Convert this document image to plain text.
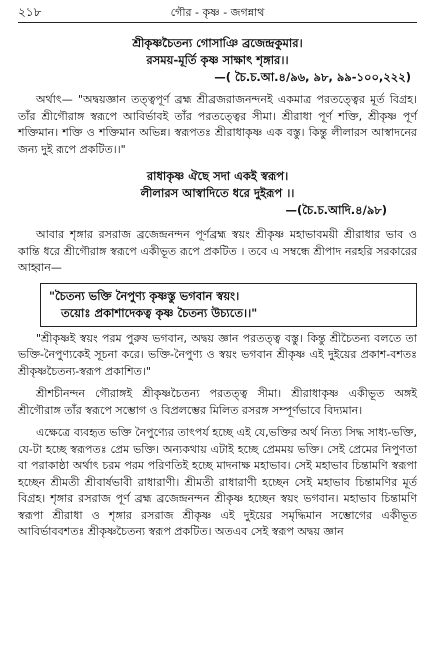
২১৮	গৌর - কৃষ্ণ - জগন্নাথ
শ্রীকৃষ্ণচৈতন্য গোসাঞি ব্রজেন্দ্রকুমার।
রসময়-মূর্তি কৃষ্ণ সাক্ষাৎ শৃঙ্গার।।
—( চৈ.চ.আ.৪/৯৬, ৯৮, ৯৯-১০০,২২২)

অর্থাৎ— "অদ্বয়জ্ঞান তত্ত্বপূর্ণ ব্রহ্ম শ্রীব্রজরাজনন্দনই একমাত্র পরতত্ত্বের মূর্ত বিগ্রহ। তাঁর শ্রীগৌরাঙ্গ স্বরূপে আবির্ভাবই তাঁর পরতত্ত্বের সীমা। শ্রীরাধা পূর্ণ শক্তি, শ্রীকৃষ্ণ পূর্ণ শক্তিমান। শক্তি ও শক্তিমান অভিন্ন। স্বরূপতঃ শ্রীরাধাকৃষ্ণ এক বস্তু। কিন্তু লীলারস আস্বাদনের জন্য দুই রূপে প্রকটিত।।"

রাধাকৃষ্ণ ঐছে সদা একই স্বরূপ।
লীলারস আস্বাদিতে ধরে দুইরূপ ।।
—(চৈ.চ.আদি.৪/৯৮)

আবার শৃঙ্গার রসরাজ ব্রজেন্দ্রনন্দন পূর্ণব্রহ্ম স্বয়ং শ্রীকৃষ্ণ মহাভাবময়ী শ্রীরাধার ভাব ও কান্তি ধরে শ্রীগৌরাঙ্গ স্বরূপে একীভূত রূপে প্রকটিত । তবে এ সম্বন্ধে শ্রীপাদ নরহরি সরকারের আহ্বান—

"চৈতন্য ভক্তি নৈপুণ্য কৃষ্ণস্তু ভগবান স্বয়ং।
তয়োঃ প্রকাশাদেকত্ব কৃষ্ণ চৈতন্য উচ্যতে।।"

"শ্রীকৃষ্ণই স্বয়ং পরম পুরুষ ভগবান, অদ্বয় জ্ঞান পরতত্ত্ব বস্তু। কিন্তু শ্রীচৈতন্য বলতে তা ভক্তি-নৈপুণ্যকেই সূচনা করে। ভক্তি-নৈপুণ্য ও স্বয়ং ভগবান শ্রীকৃষ্ণ এই দুইয়ের প্রকাশ-বশতঃ শ্রীকৃষ্ণচৈতন্য-স্বরূপ প্রকাশিত।"

শ্রীশচীনন্দন গৌরাঙ্গই শ্রীকৃষ্ণচৈতন্য পরতত্ত্ব সীমা। শ্রীরাধাকৃষ্ণ একীভূত অঙ্গই শ্রীগৌরাঙ্গ তাঁর স্বরূপে সম্ভোগ ও বিপ্রলম্ভের মিলিত রসরঙ্গ সম্পূর্ণভাবে বিদ্যমান।

এক্ষেত্রে ব্যবহৃত ভক্তি নৈপুণ্যের তাৎপর্য হচ্ছে এই যে,ভক্তির অর্থ নিত্য সিদ্ধ সাধ্য-ভক্তি, যে-টা হচ্ছে স্বরূপতঃ প্রেম ভক্তি। অন্যকথায় এটাই হচ্ছে প্রেমময় ভক্তি। সেই প্রেমের নিপুণতা বা পরাকাষ্ঠা অর্থাৎ চরম পরম পরিণতিই হচ্ছে মাদনাক্ষ মহাভাব। সেই মহাভাব চিন্তামণি স্বরূপা হচ্ছেন শ্রীমতী শ্রীবার্ষভাবী রাধারাণী। শ্রীমতী রাধারাণী হচ্ছেন সেই মহাভাব চিন্তামণির মূর্ত বিগ্রহ। শৃঙ্গার রসরাজ পূর্ণ ব্রহ্ম ব্রজেন্দ্রনন্দন শ্রীকৃষ্ণ হচ্ছেন স্বয়ং ভগবান। মহাভাব চিন্তামণি স্বরূপা শ্রীরাধা ও শৃঙ্গার রসরাজ শ্রীকৃষ্ণ এই দুইয়ের সমৃদ্ধিমান সম্ভোগের একীভূত আবির্ভাববশতঃ শ্রীকৃষ্ণচৈতন্য স্বরূপ প্রকটিত। অতএব সেই স্বরূপ অদ্বয় জ্ঞান
